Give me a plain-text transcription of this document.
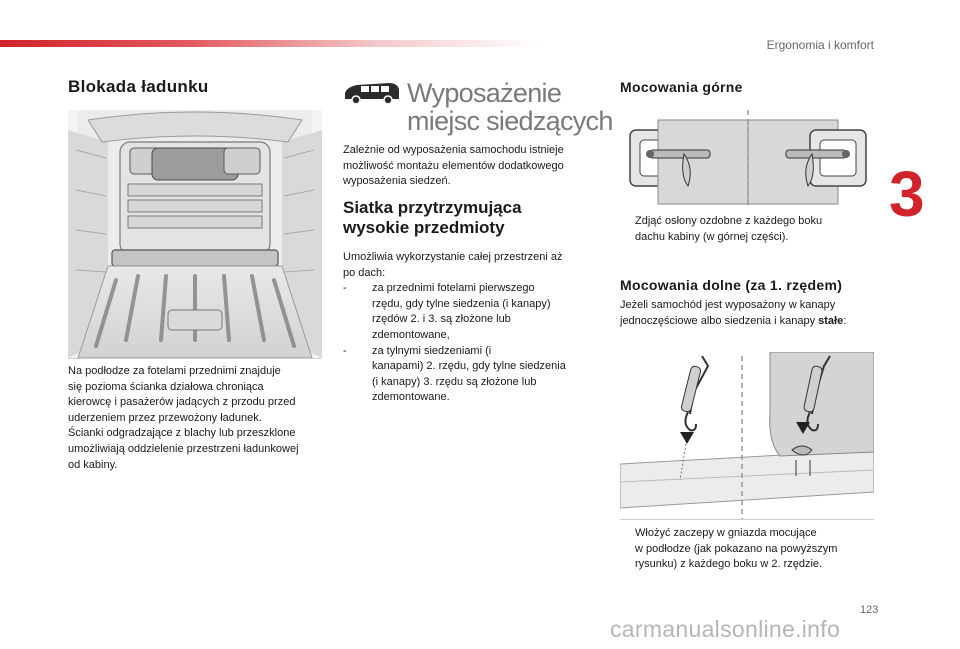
Ergonomia i komfort
3
Blokada ładunku

Na podłodze za fotelami przednimi znajduje

się pozioma ścianka działowa chroniąca

kierowcę i pasażerów jadących z przodu przed

uderzeniem przez przewożony ładunek.

Ścianki odgradzające z blachy lub przeszklone

umożliwiają oddzielenie przestrzeni ładunkowej

od kabiny.

Wyposażenie
miejsc siedzących

Zależnie od wyposażenia samochodu istnieje

możliwość montażu elementów dodatkowego

wyposażenia siedzeń.

Siatka przytrzymująca
wysokie przedmioty

Umożliwia wykorzystanie całej przestrzeni aż

po dach:

- za przednimi fotelami pierwszego

rzędu, gdy tylne siedzenia (i kanapy)

rzędów 2. i 3. są złożone lub

zdemontowane,

- za tylnymi siedzeniami (i

kanapami) 2. rzędu, gdy tylne siedzenia

(i kanapy) 3. rzędu są złożone lub

zdemontowane.

Mocowania górne

Zdjąć osłony ozdobne z każdego boku

dachu kabiny (w górnej części).

Mocowania dolne (za 1. rzędem)

Jeżeli samochód jest wyposażony w kanapy

jednoczęściowe albo siedzenia i kanapy stałe:

Włożyć zaczepy w gniazda mocujące

w podłodze (jak pokazano na powyższym

rysunku) z każdego boku w 2. rzędzie.

123
carmanualsonline.info
